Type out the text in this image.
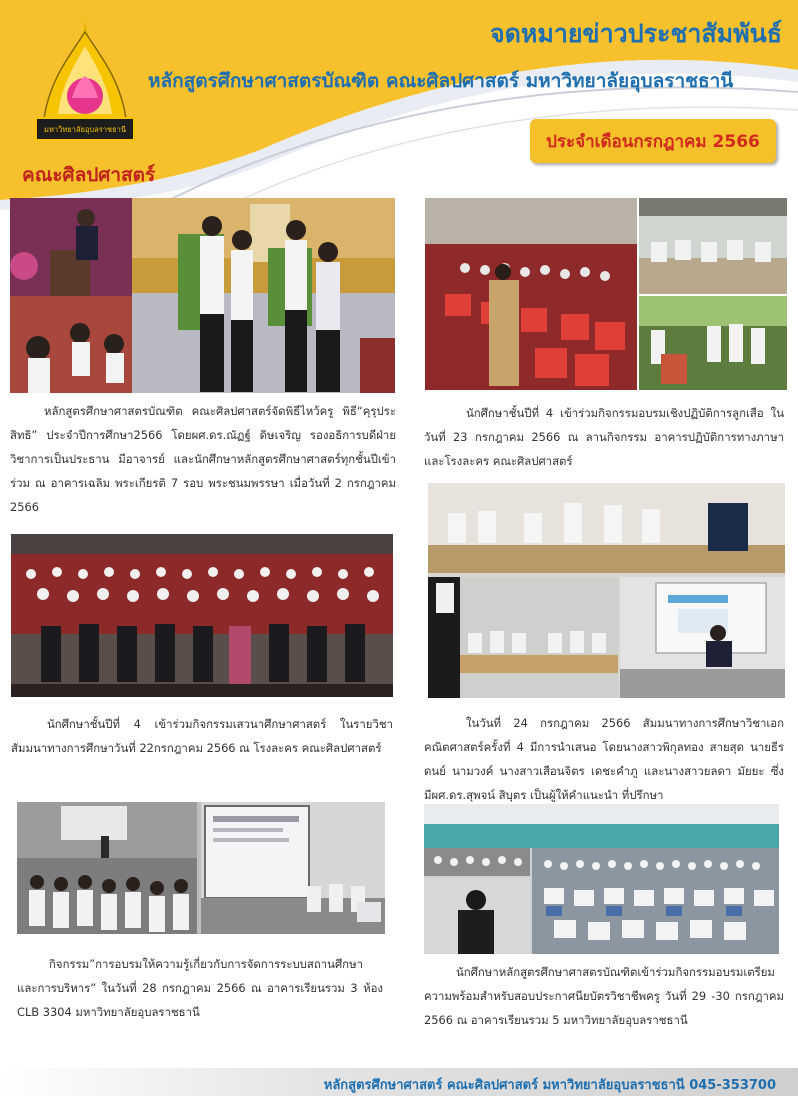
มหาวิทยาลัยอุบลราชธานี
จดหมายข่าวประชาสัมพันธ์
หลักสูตรศึกษาศาสตรบัณฑิต คณะศิลปศาสตร์ มหาวิทยาลัยอุบลราชธานี
ประจำเดือนกรกฎาคม 2566
คณะศิลปศาสตร์
หลักสูตรศึกษาศาสตรบัณฑิต คณะศิลปศาสตร์จัดพิธีไหว้ครู พิธี“คุรุประสิทธิ” ประจำปีการศึกษา2566 โดยผศ.ดร.ณัฏฐ์ ดิษเจริญ รองอธิการบดีฝ่ายวิชาการเป็นประธาน มีอาจารย์ และนักศึกษาหลักสูตรศึกษาศาสตร์ทุกชั้นปีเข้าร่วม ณ อาคารเฉลิม พระเกียรติ 7 รอบ พระชนมพรรษา เมื่อวันที่ 2 กรกฎาคม 2566
นักศึกษาชั้นปีที่ 4 เข้าร่วมกิจกรรมอบรมเชิงปฏิบัติการลูกเสือ ในวันที่ 23 กรกฎาคม 2566 ณ ลานกิจกรรม อาคารปฏิบัติการทางภาษา และโรงละคร คณะศิลปศาสตร์
นักศึกษาชั้นปีที่ 4 เข้าร่วมกิจกรรมเสวนาศึกษาศาสตร์ ในรายวิชาสัมมนาทางการศึกษาวันที่ 22กรกฎาคม 2566 ณ โรงละคร คณะศิลปศาสตร์
ในวันที่ 24 กรกฎาคม 2566 สัมมนาทางการศึกษาวิชาเอกคณิตศาสตร์ครั้งที่ 4 มีการนำเสนอ โดยนางสาวพิกุลทอง สายสุด นายธีรดนย์ นามวงค์ นางสาวเสือนจิตร เดชะคำภู และนางสาวยลดา มัยยะ ซึ่งมีผศ.ดร.สุพจน์ สิบุตร เป็นผู้ให้คำแนะนำ ที่ปรึกษา
กิจกรรม”การอบรมให้ความรู้เกี่ยวกับการจัดการระบบสถานศึกษาและการบริหาร” ในวันที่ 28 กรกฎาคม 2566 ณ อาคารเรียนรวม 3 ห้อง CLB 3304 มหาวิทยาลัยอุบลราชธานี
นักศึกษาหลักสูตรศึกษาศาสตรบัณฑิตเข้าร่วมกิจกรรมอบรมเตรียมความพร้อมสำหรับสอบประกาศนียบัตรวิชาชีพครู วันที่ 29 -30 กรกฎาคม 2566 ณ อาคารเรียนรวม 5 มหาวิทยาลัยอุบลราชธานี
หลักสูตรศึกษาศาสตร์ คณะศิลปศาสตร์ มหาวิทยาลัยอุบลราชธานี 045-353700
